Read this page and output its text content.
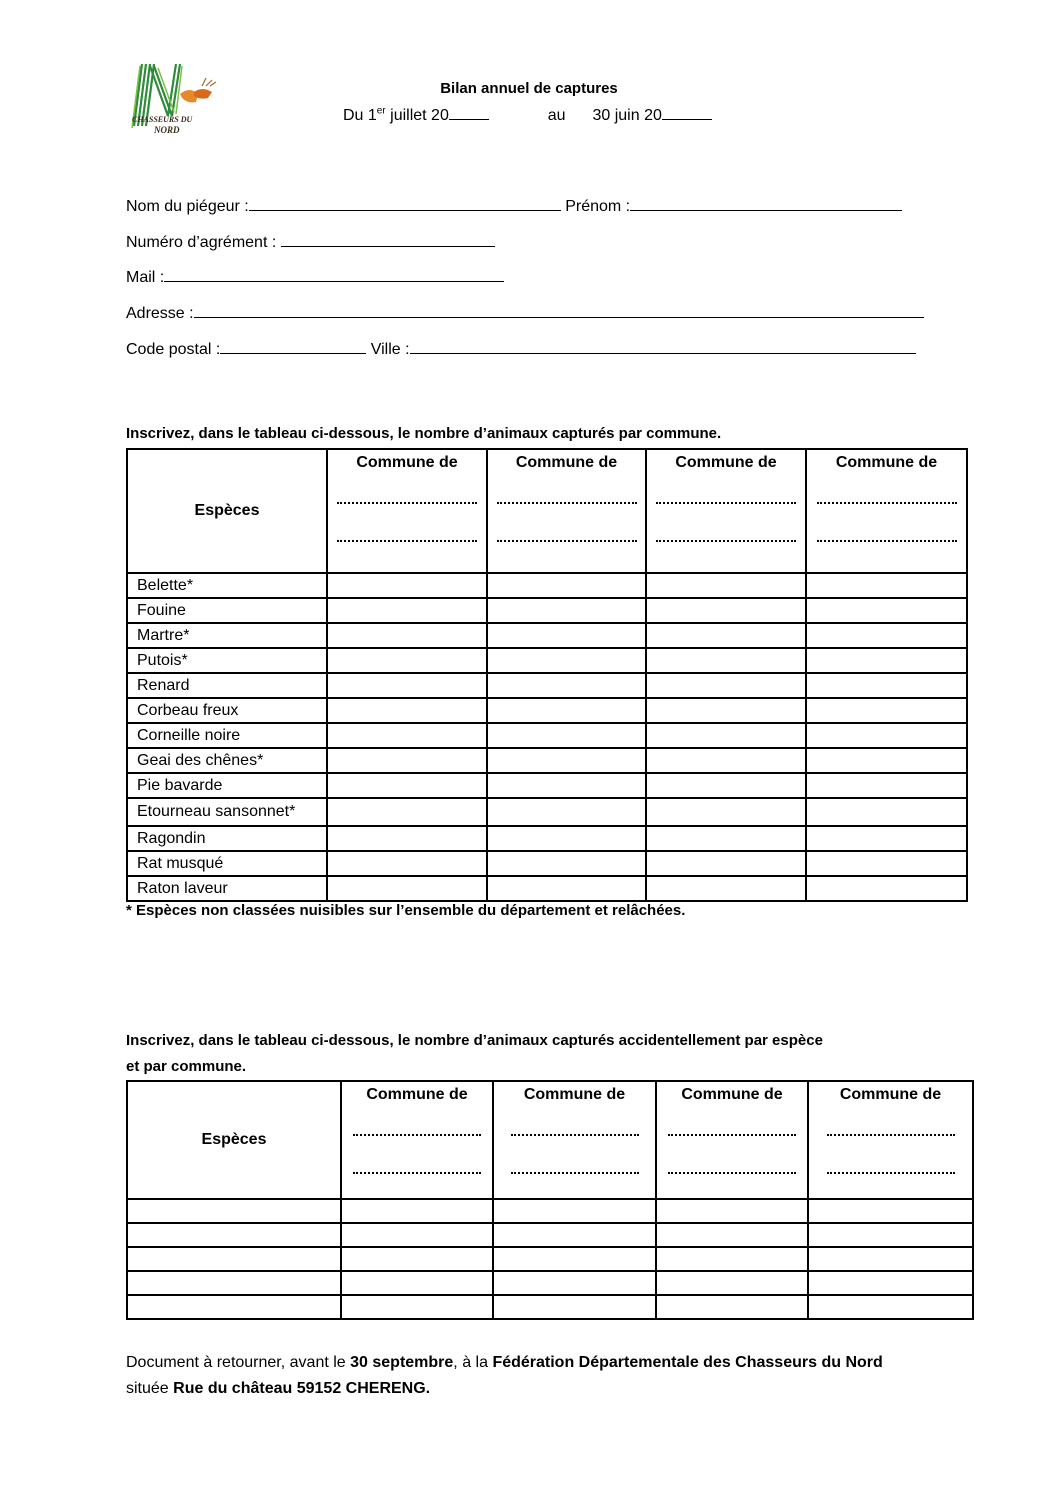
CHASSEURS DU
NORD
Bilan annuel de captures
Du 1er juillet 20	au 30 juin 20
Nom du piégeur :	Prénom :
Numéro d’agrément :
Mail :
Adresse :
Code postal :	Ville :
Inscrivez, dans le tableau ci-dessous, le nombre d’animaux capturés par commune.
Espèces	Commune de	Commune de	Commune de	Commune de

Belette*				
Fouine				
Martre*				
Putois*				
Renard				
Corbeau freux				
Corneille noire				
Geai des chênes*				
Pie bavarde				
Etourneau sansonnet*				
Ragondin				
Rat musqué				
Raton laveur				
* Espèces non classées nuisibles sur l’ensemble du département et relâchées.
Inscrivez, dans le tableau ci-dessous, le nombre d’animaux capturés accidentellement par espèce
et par commune.
Espèces	Commune de	Commune de	Commune de	Commune de

Document à retourner, avant le 30 septembre, à la Fédération Départementale des Chasseurs du Nord située Rue du château 59152 CHERENG.
